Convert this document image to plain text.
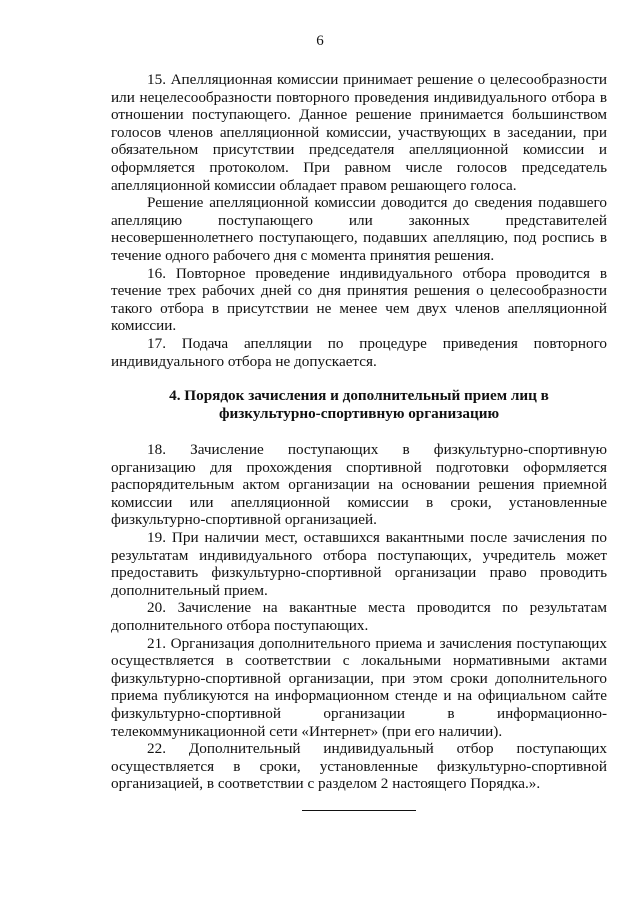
6

15. Апелляционная комиссии принимает решение о целесообразности или нецелесообразности повторного проведения индивидуального отбора в отношении поступающего. Данное решение принимается большинством голосов членов апелляционной комиссии, участвующих в заседании, при обязательном присутствии председателя апелляционной комиссии и оформляется протоколом. При равном числе голосов председатель апелляционной комиссии обладает правом решающего голоса.

Решение апелляционной комиссии доводится до сведения подавшего апелляцию поступающего или законных представителей несовершеннолетнего поступающего, подавших апелляцию, под роспись в течение одного рабочего дня с момента принятия решения.

16. Повторное проведение индивидуального отбора проводится в течение трех рабочих дней со дня принятия решения о целесообразности такого отбора в присутствии не менее чем двух членов апелляционной комиссии.

17. Подача апелляции по процедуре приведения повторного индивидуального отбора не допускается.

4. Порядок зачисления и дополнительный прием лиц в физкультурно-спортивную организацию

18. Зачисление поступающих в физкультурно-спортивную организацию для прохождения спортивной подготовки оформляется распорядительным актом организации на основании решения приемной комиссии или апелляционной комиссии в сроки, установленные физкультурно-спортивной организацией.

19. При наличии мест, оставшихся вакантными после зачисления по результатам индивидуального отбора поступающих, учредитель может предоставить физкультурно-спортивной организации право проводить дополнительный прием.

20. Зачисление на вакантные места проводится по результатам дополнительного отбора поступающих.

21. Организация дополнительного приема и зачисления поступающих осуществляется в соответствии с локальными нормативными актами физкультурно-спортивной организации, при этом сроки дополнительного приема публикуются на информационном стенде и на официальном сайте физкультурно-спортивной организации в информационно-телекоммуникационной сети «Интернет» (при его наличии).

22. Дополнительный индивидуальный отбор поступающих осуществляется в сроки, установленные физкультурно-спортивной организацией, в соответствии с разделом 2 настоящего Порядка.».
